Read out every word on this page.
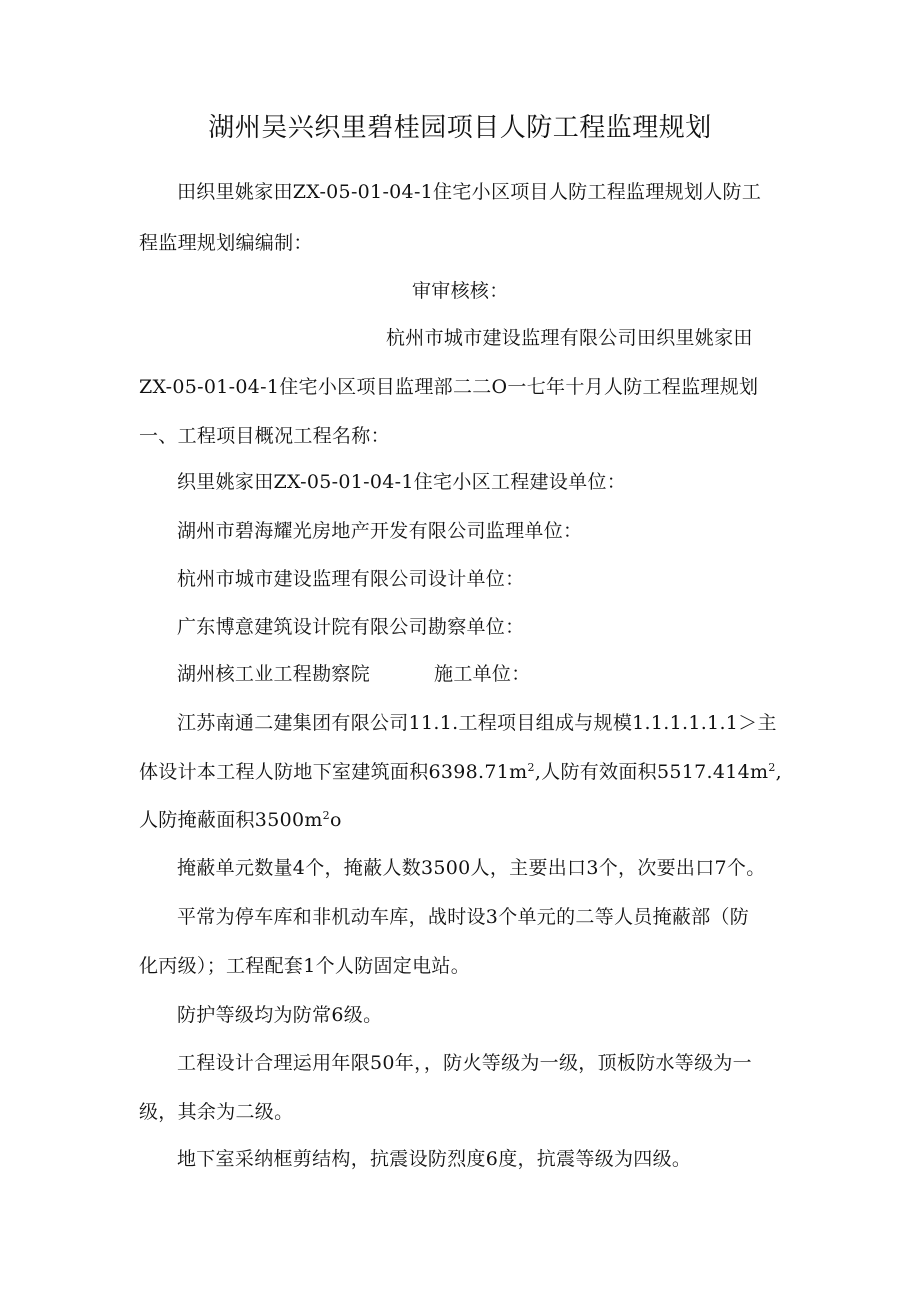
湖州吴兴织里碧桂园项目人防工程监理规划
田织里姚家田ZX-05-01-04-1住宅小区项目人防工程监理规划人防工
程监理规划编编制：
审审核核：
杭州市城市建设监理有限公司田织里姚家田
ZX-05-01-04-1住宅小区项目监理部二二O一七年十月人防工程监理规划
一、工程项目概况工程名称：
织里姚家田ZX-05-01-04-1住宅小区工程建设单位：
湖州市碧海耀光房地产开发有限公司监理单位：
杭州市城市建设监理有限公司设计单位：
广东博意建筑设计院有限公司勘察单位：
湖州核工业工程勘察院	施工单位：
江苏南通二建集团有限公司11.1.工程项目组成与规模1.1.1.1.1.1＞主
体设计本工程人防地下室建筑面积$6398.71m^2$,人防有效面积$5517.414m^2$,
人防掩蔽面积$3500m^2o$
掩蔽单元数量4个，掩蔽人数3500人，主要出口3个，次要出口7个。
平常为停车库和非机动车库，战时设3个单元的二等人员掩蔽部（防
化丙级）；工程配套1个人防固定电站。
防护等级均为防常6级。
工程设计合理运用年限50年，，防火等级为一级，顶板防水等级为一
级，其余为二级。
地下室采纳框剪结构，抗震设防烈度6度，抗震等级为四级。
